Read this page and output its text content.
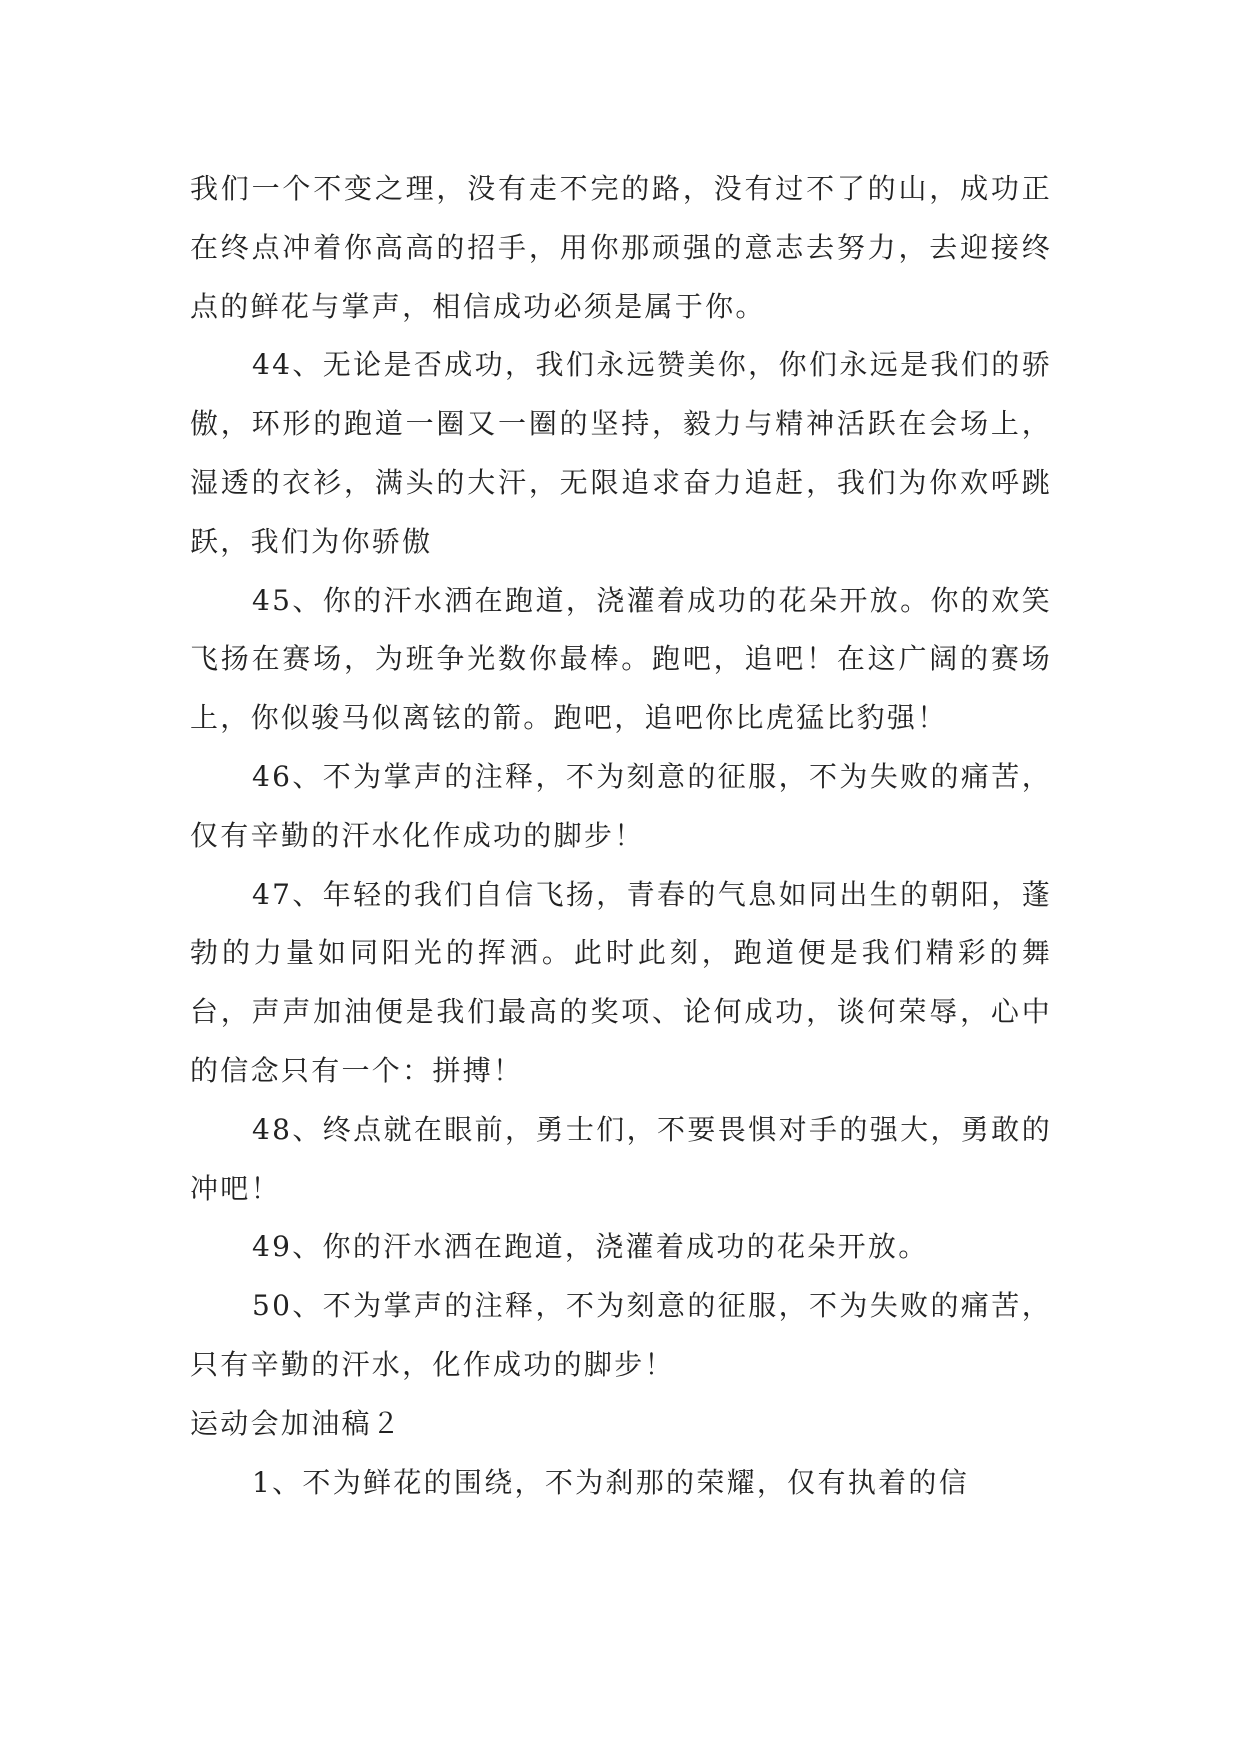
我们一个不变之理，没有走不完的路，没有过不了的山，成功正在终点冲着你高高的招手，用你那顽强的意志去努力，去迎接终点的鲜花与掌声，相信成功必须是属于你。

44、无论是否成功，我们永远赞美你，你们永远是我们的骄傲，环形的跑道一圈又一圈的坚持，毅力与精神活跃在会场上，湿透的衣衫，满头的大汗，无限追求奋力追赶，我们为你欢呼跳跃，我们为你骄傲

45、你的汗水洒在跑道，浇灌着成功的花朵开放。你的欢笑飞扬在赛场，为班争光数你最棒。跑吧，追吧！在这广阔的赛场上，你似骏马似离铉的箭。跑吧，追吧你比虎猛比豹强！

46、不为掌声的注释，不为刻意的征服，不为失败的痛苦，仅有辛勤的汗水化作成功的脚步！

47、年轻的我们自信飞扬，青春的气息如同出生的朝阳，蓬勃的力量如同阳光的挥洒。此时此刻，跑道便是我们精彩的舞台，声声加油便是我们最高的奖项、论何成功，谈何荣辱，心中的信念只有一个：拼搏！

48、终点就在眼前，勇士们，不要畏惧对手的强大，勇敢的冲吧！

49、你的汗水洒在跑道，浇灌着成功的花朵开放。

50、不为掌声的注释，不为刻意的征服，不为失败的痛苦，只有辛勤的汗水，化作成功的脚步！

运动会加油稿２

1、不为鲜花的围绕，不为刹那的荣耀，仅有执着的信
